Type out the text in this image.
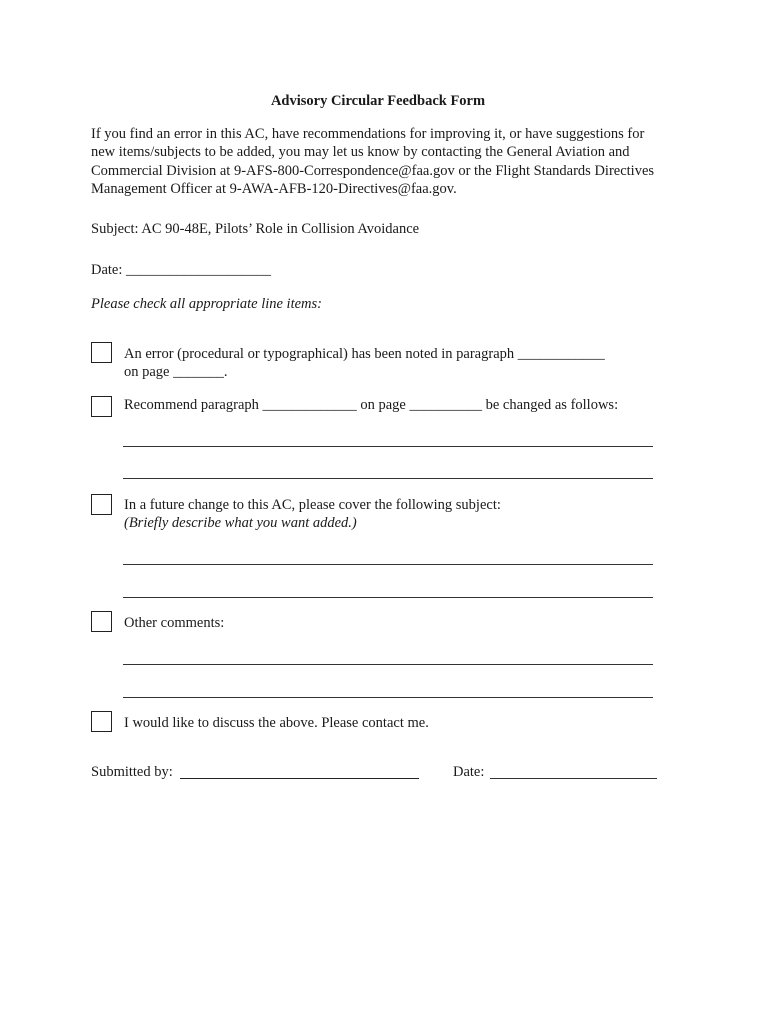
Advisory Circular Feedback Form
If you find an error in this AC, have recommendations for improving it, or have suggestions for new items/subjects to be added, you may let us know by contacting the General Aviation and Commercial Division at 9-AFS-800-Correspondence@faa.gov or the Flight Standards Directives Management Officer at 9-AWA-AFB-120-Directives@faa.gov.
Subject: AC 90-48E, Pilots’ Role in Collision Avoidance
Date: ____________________
Please check all appropriate line items:
An error (procedural or typographical) has been noted in paragraph ____________
on page _______.
Recommend paragraph _____________ on page __________ be changed as follows:
In a future change to this AC, please cover the following subject:
(Briefly describe what you want added.)
Other comments:
I would like to discuss the above. Please contact me.
Submitted by:	Date:
